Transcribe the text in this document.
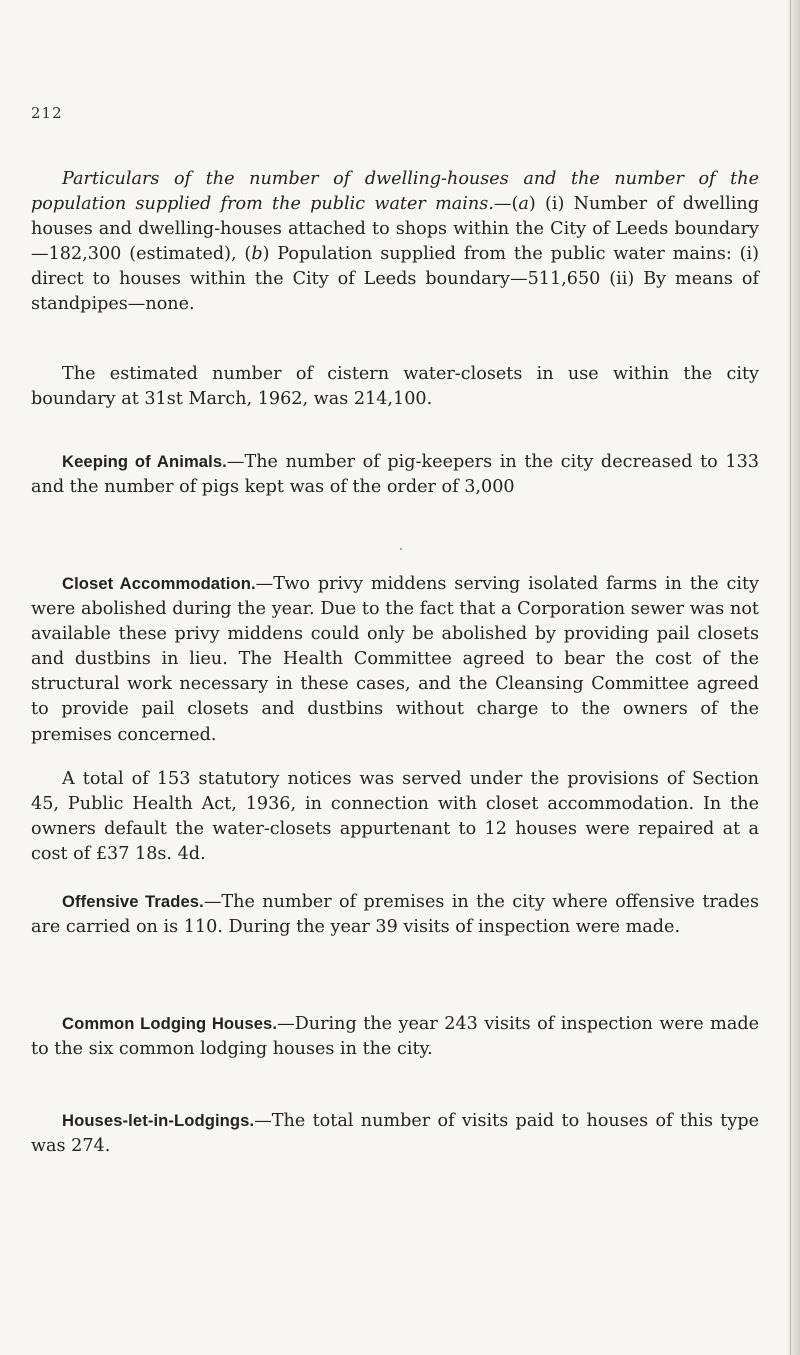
212

Particulars of the number of dwelling-houses and the number of the population supplied from the public water mains.—(a) (i) Number of dwelling houses and dwelling-houses attached to shops within the City of Leeds boundary—182,300 (estimated), (b) Population supplied from the public water mains: (i) direct to houses within the City of Leeds boundary—511,650 (ii) By means of standpipes—none.

The estimated number of cistern water-closets in use within the city boundary at 31st March, 1962, was 214,100.

Keeping of Animals.—The number of pig-keepers in the city decreased to 133 and the number of pigs kept was of the order of 3,000

Closet Accommodation.—Two privy middens serving isolated farms in the city were abolished during the year. Due to the fact that a Corporation sewer was not available these privy middens could only be abolished by providing pail closets and dustbins in lieu. The Health Committee agreed to bear the cost of the structural work necessary in these cases, and the Cleansing Committee agreed to provide pail closets and dustbins without charge to the owners of the premises concerned.

A total of 153 statutory notices was served under the provisions of Section 45, Public Health Act, 1936, in connection with closet accommodation. In the owners default the water-closets appurtenant to 12 houses were repaired at a cost of £37 18s. 4d.

Offensive Trades.—The number of premises in the city where offensive trades are carried on is 110. During the year 39 visits of inspection were made.

Common Lodging Houses.—During the year 243 visits of inspection were made to the six common lodging houses in the city.

Houses-let-in-Lodgings.—The total number of visits paid to houses of this type was 274.
